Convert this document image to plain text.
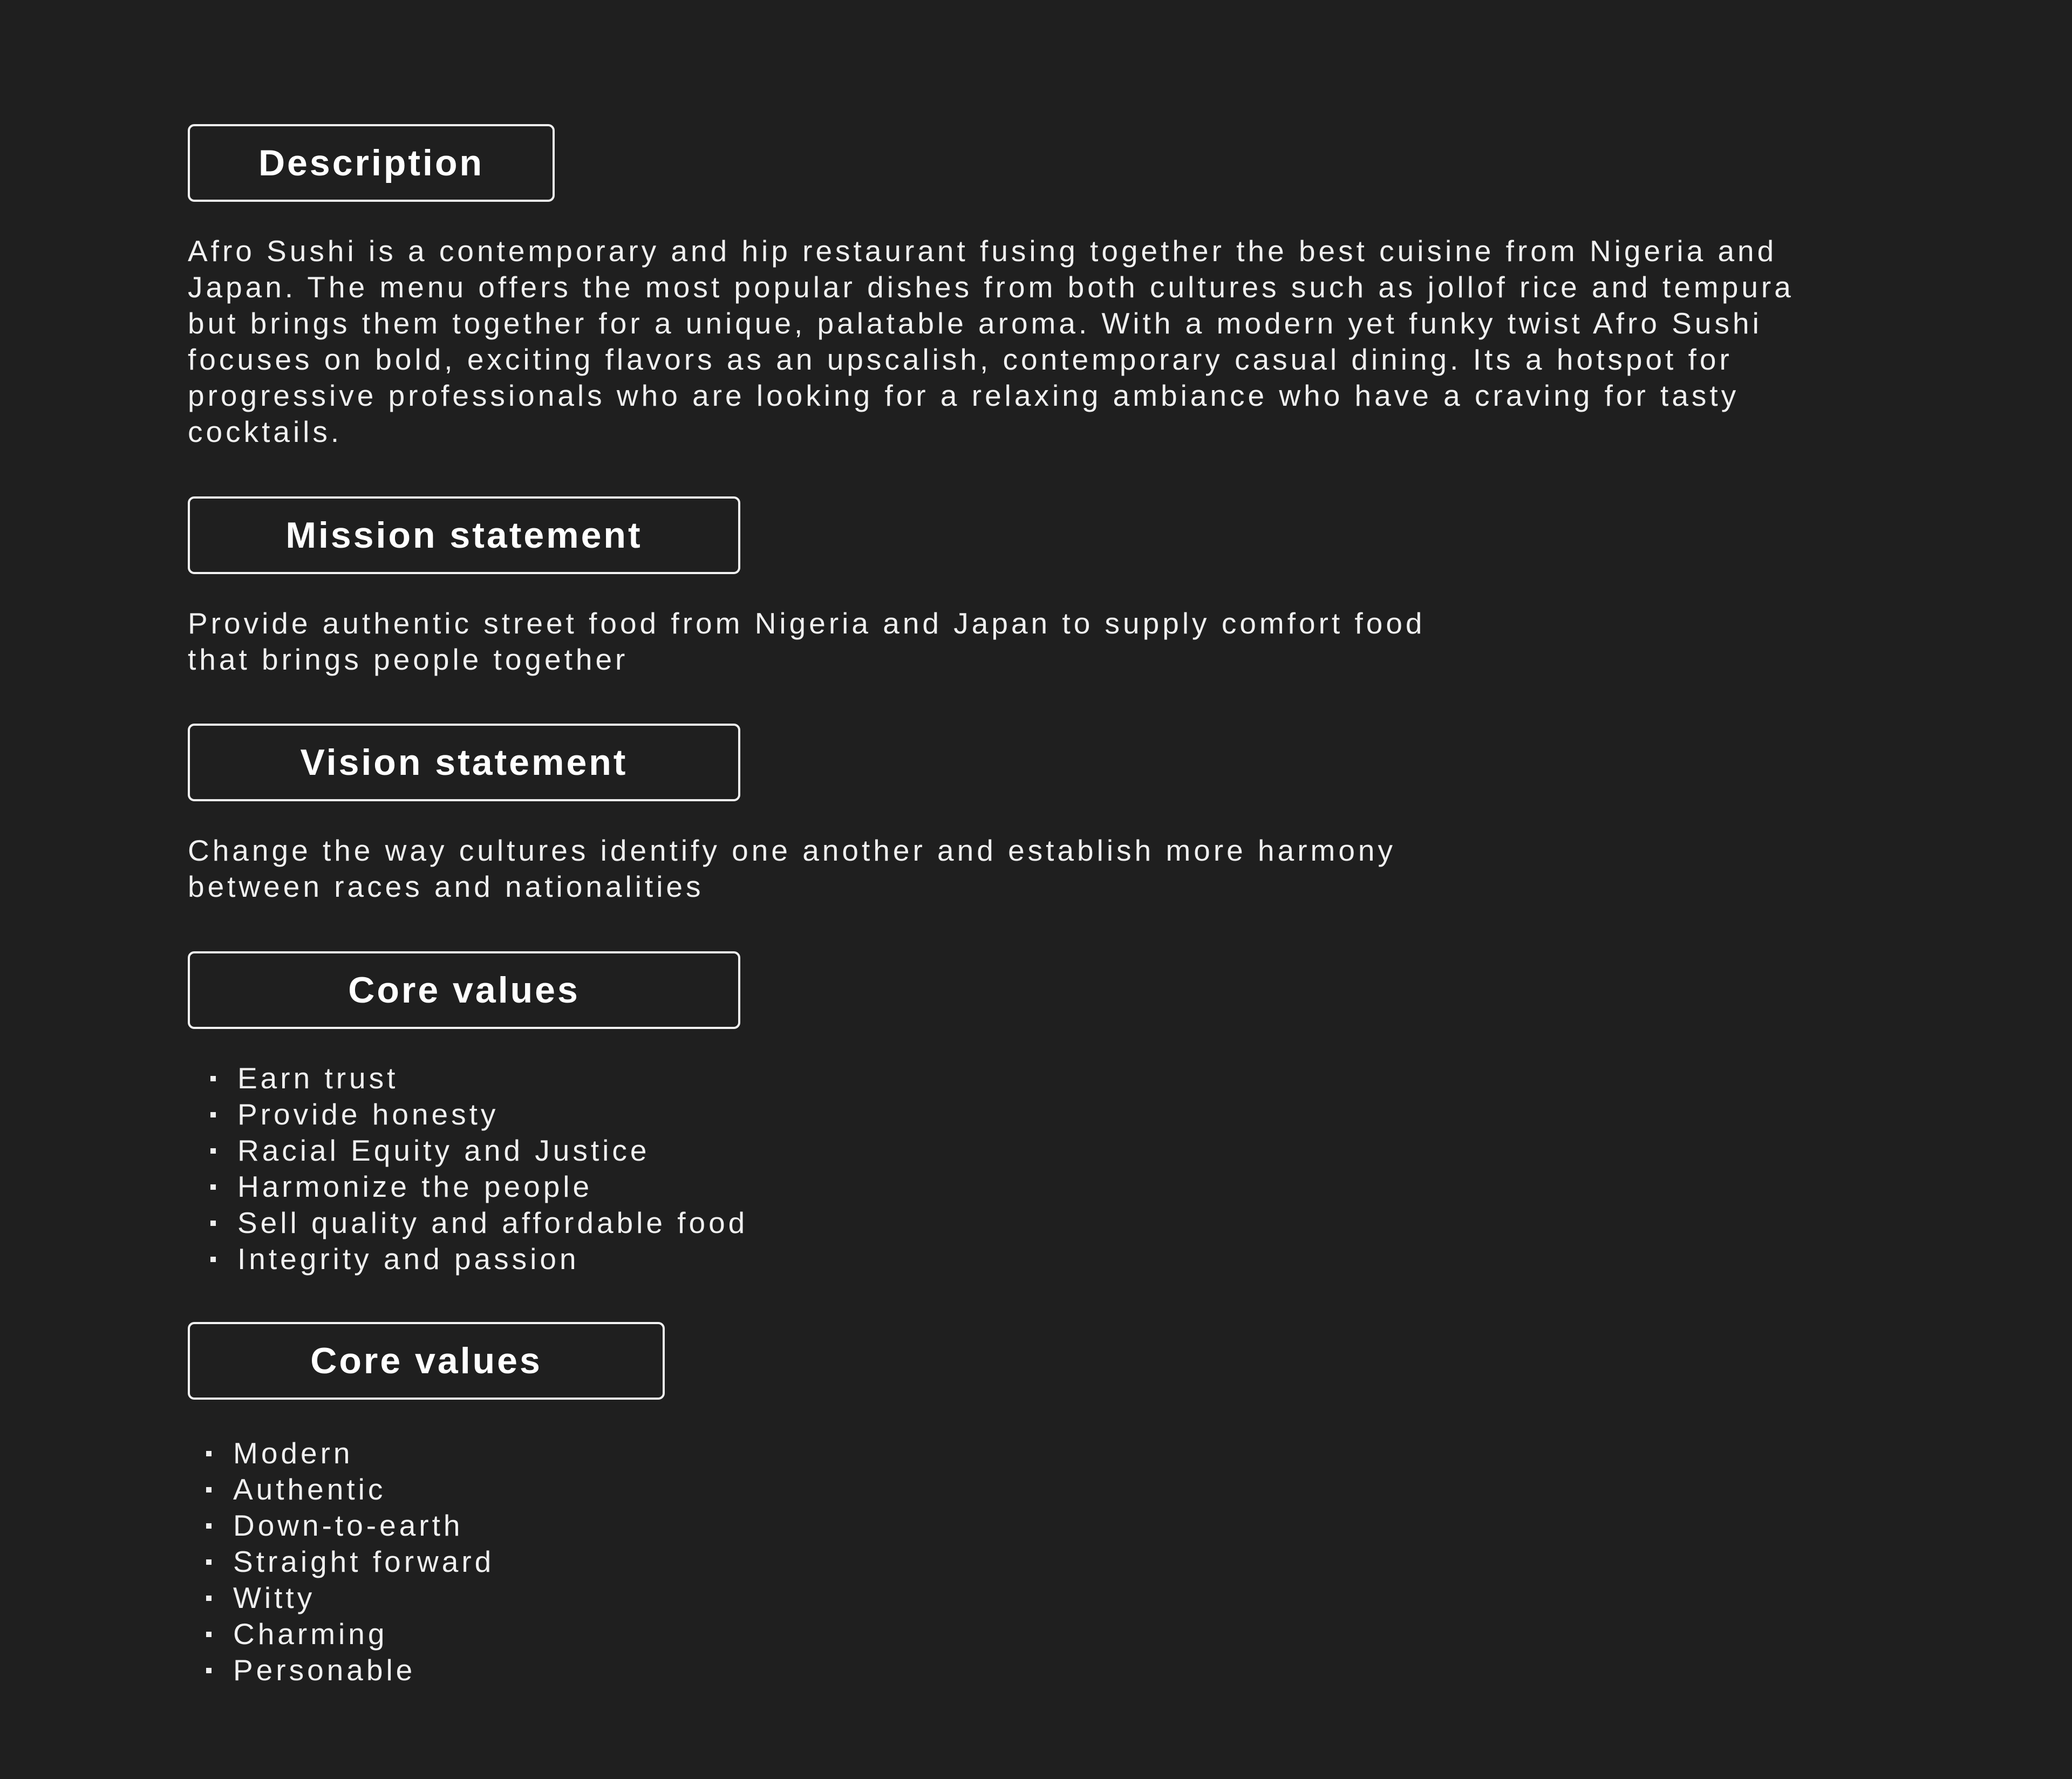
Description

Afro Sushi is a contemporary and hip restaurant fusing together the best cuisine from Nigeria and
Japan. The menu offers the most popular dishes from both cultures such as jollof rice and tempura
but brings them together for a unique, palatable aroma. With a modern yet funky twist Afro Sushi
focuses on bold, exciting flavors as an upscalish, contemporary casual dining. Its a hotspot for
progressive professionals who are looking for a relaxing ambiance who have a craving for tasty
cocktails.

Mission statement

Provide authentic street food from Nigeria and Japan to supply comfort food
that brings people together

Vision statement

Change the way cultures identify one another and establish more harmony
between races and nationalities

Core values
Earn trust
Provide honesty
Racial Equity and Justice
Harmonize the people
Sell quality and affordable food
Integrity and passion
Core values
Modern
Authentic
Down-to-earth
Straight forward
Witty
Charming
Personable
